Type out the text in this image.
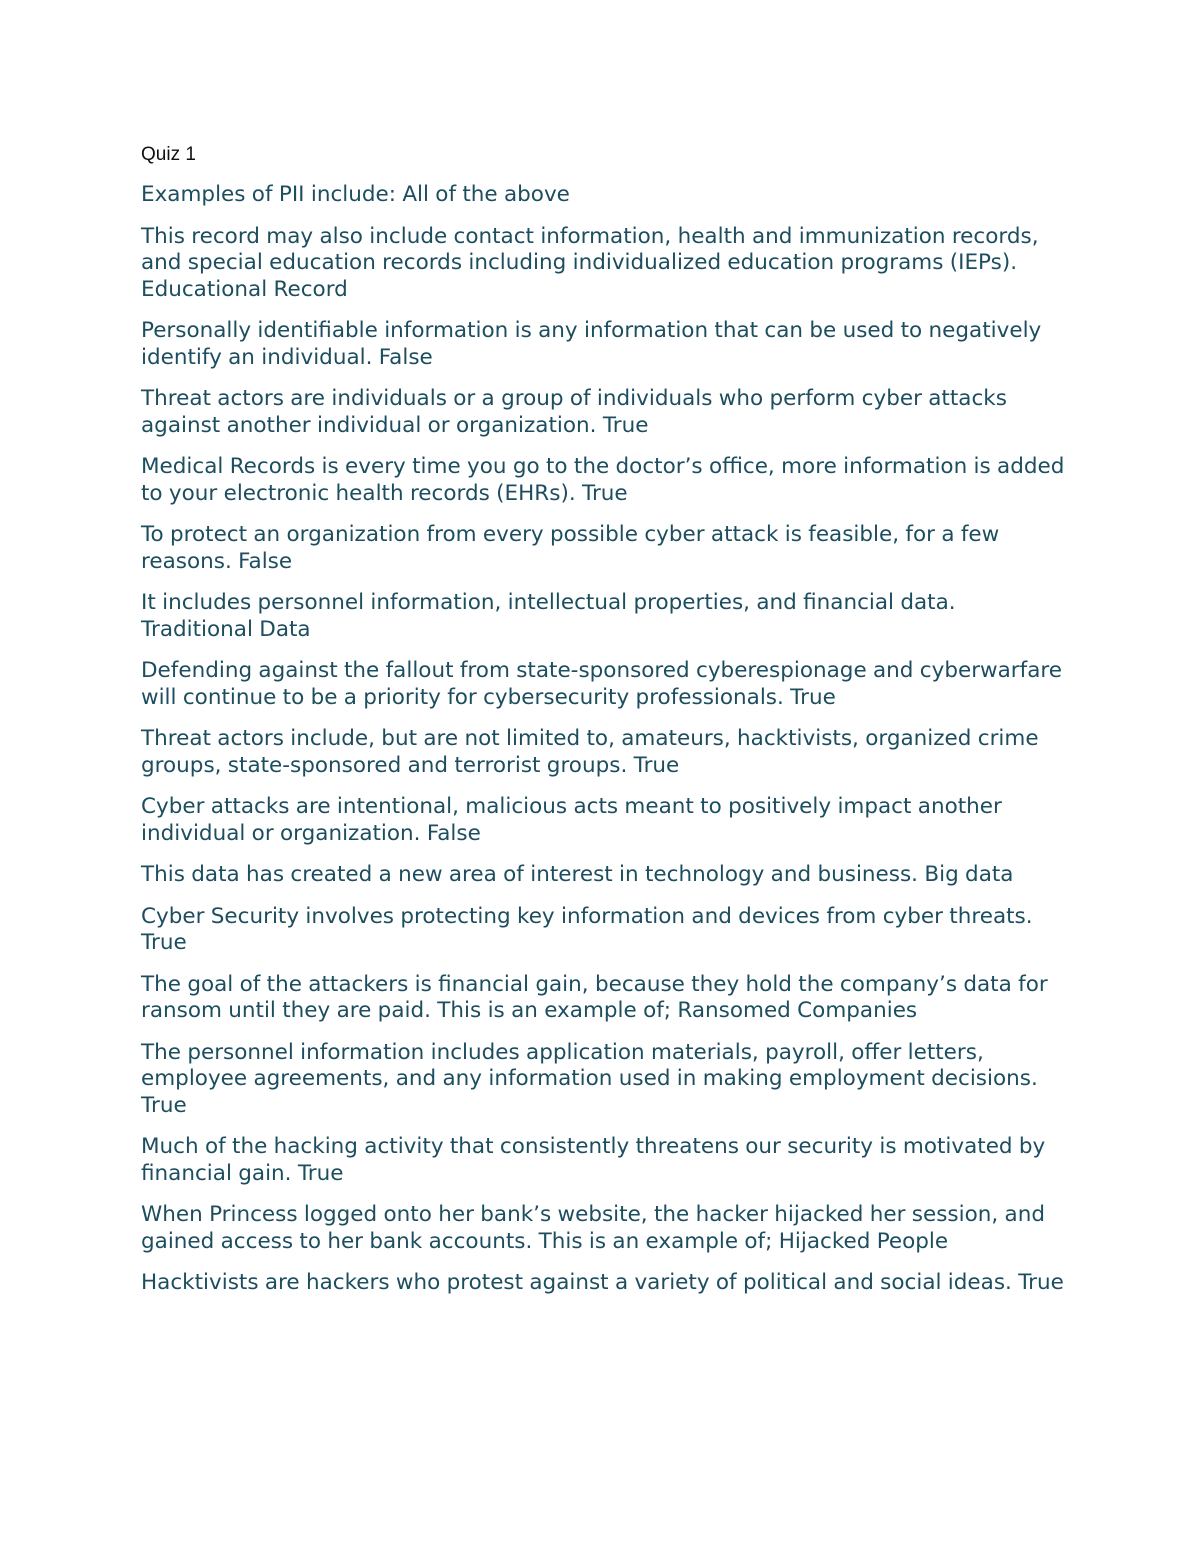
Quiz 1
Examples of PII include: All of the above
This record may also include contact information, health and immunization records, and special education records including individualized education programs (IEPs). Educational Record
Personally identifiable information is any information that can be used to negatively identify an individual. False
Threat actors are individuals or a group of individuals who perform cyber attacks against another individual or organization. True
Medical Records is every time you go to the doctor’s office, more information is added to your electronic health records (EHRs). True
To protect an organization from every possible cyber attack is feasible, for a few reasons. False
It includes personnel information, intellectual properties, and financial data. Traditional Data
Defending against the fallout from state-sponsored cyberespionage and cyberwarfare will continue to be a priority for cybersecurity professionals. True
Threat actors include, but are not limited to, amateurs, hacktivists, organized crime groups, state-sponsored and terrorist groups. True
Cyber attacks are intentional, malicious acts meant to positively impact another individual or organization. False
This data has created a new area of interest in technology and business. Big data
Cyber Security involves protecting key information and devices from cyber threats. True
The goal of the attackers is financial gain, because they hold the company’s data for ransom until they are paid. This is an example of; Ransomed Companies
The personnel information includes application materials, payroll, offer letters, employee agreements, and any information used in making employment decisions. True
Much of the hacking activity that consistently threatens our security is motivated by financial gain. True
When Princess logged onto her bank’s website, the hacker hijacked her session, and gained access to her bank accounts. This is an example of; Hijacked People
Hacktivists are hackers who protest against a variety of political and social ideas. True
